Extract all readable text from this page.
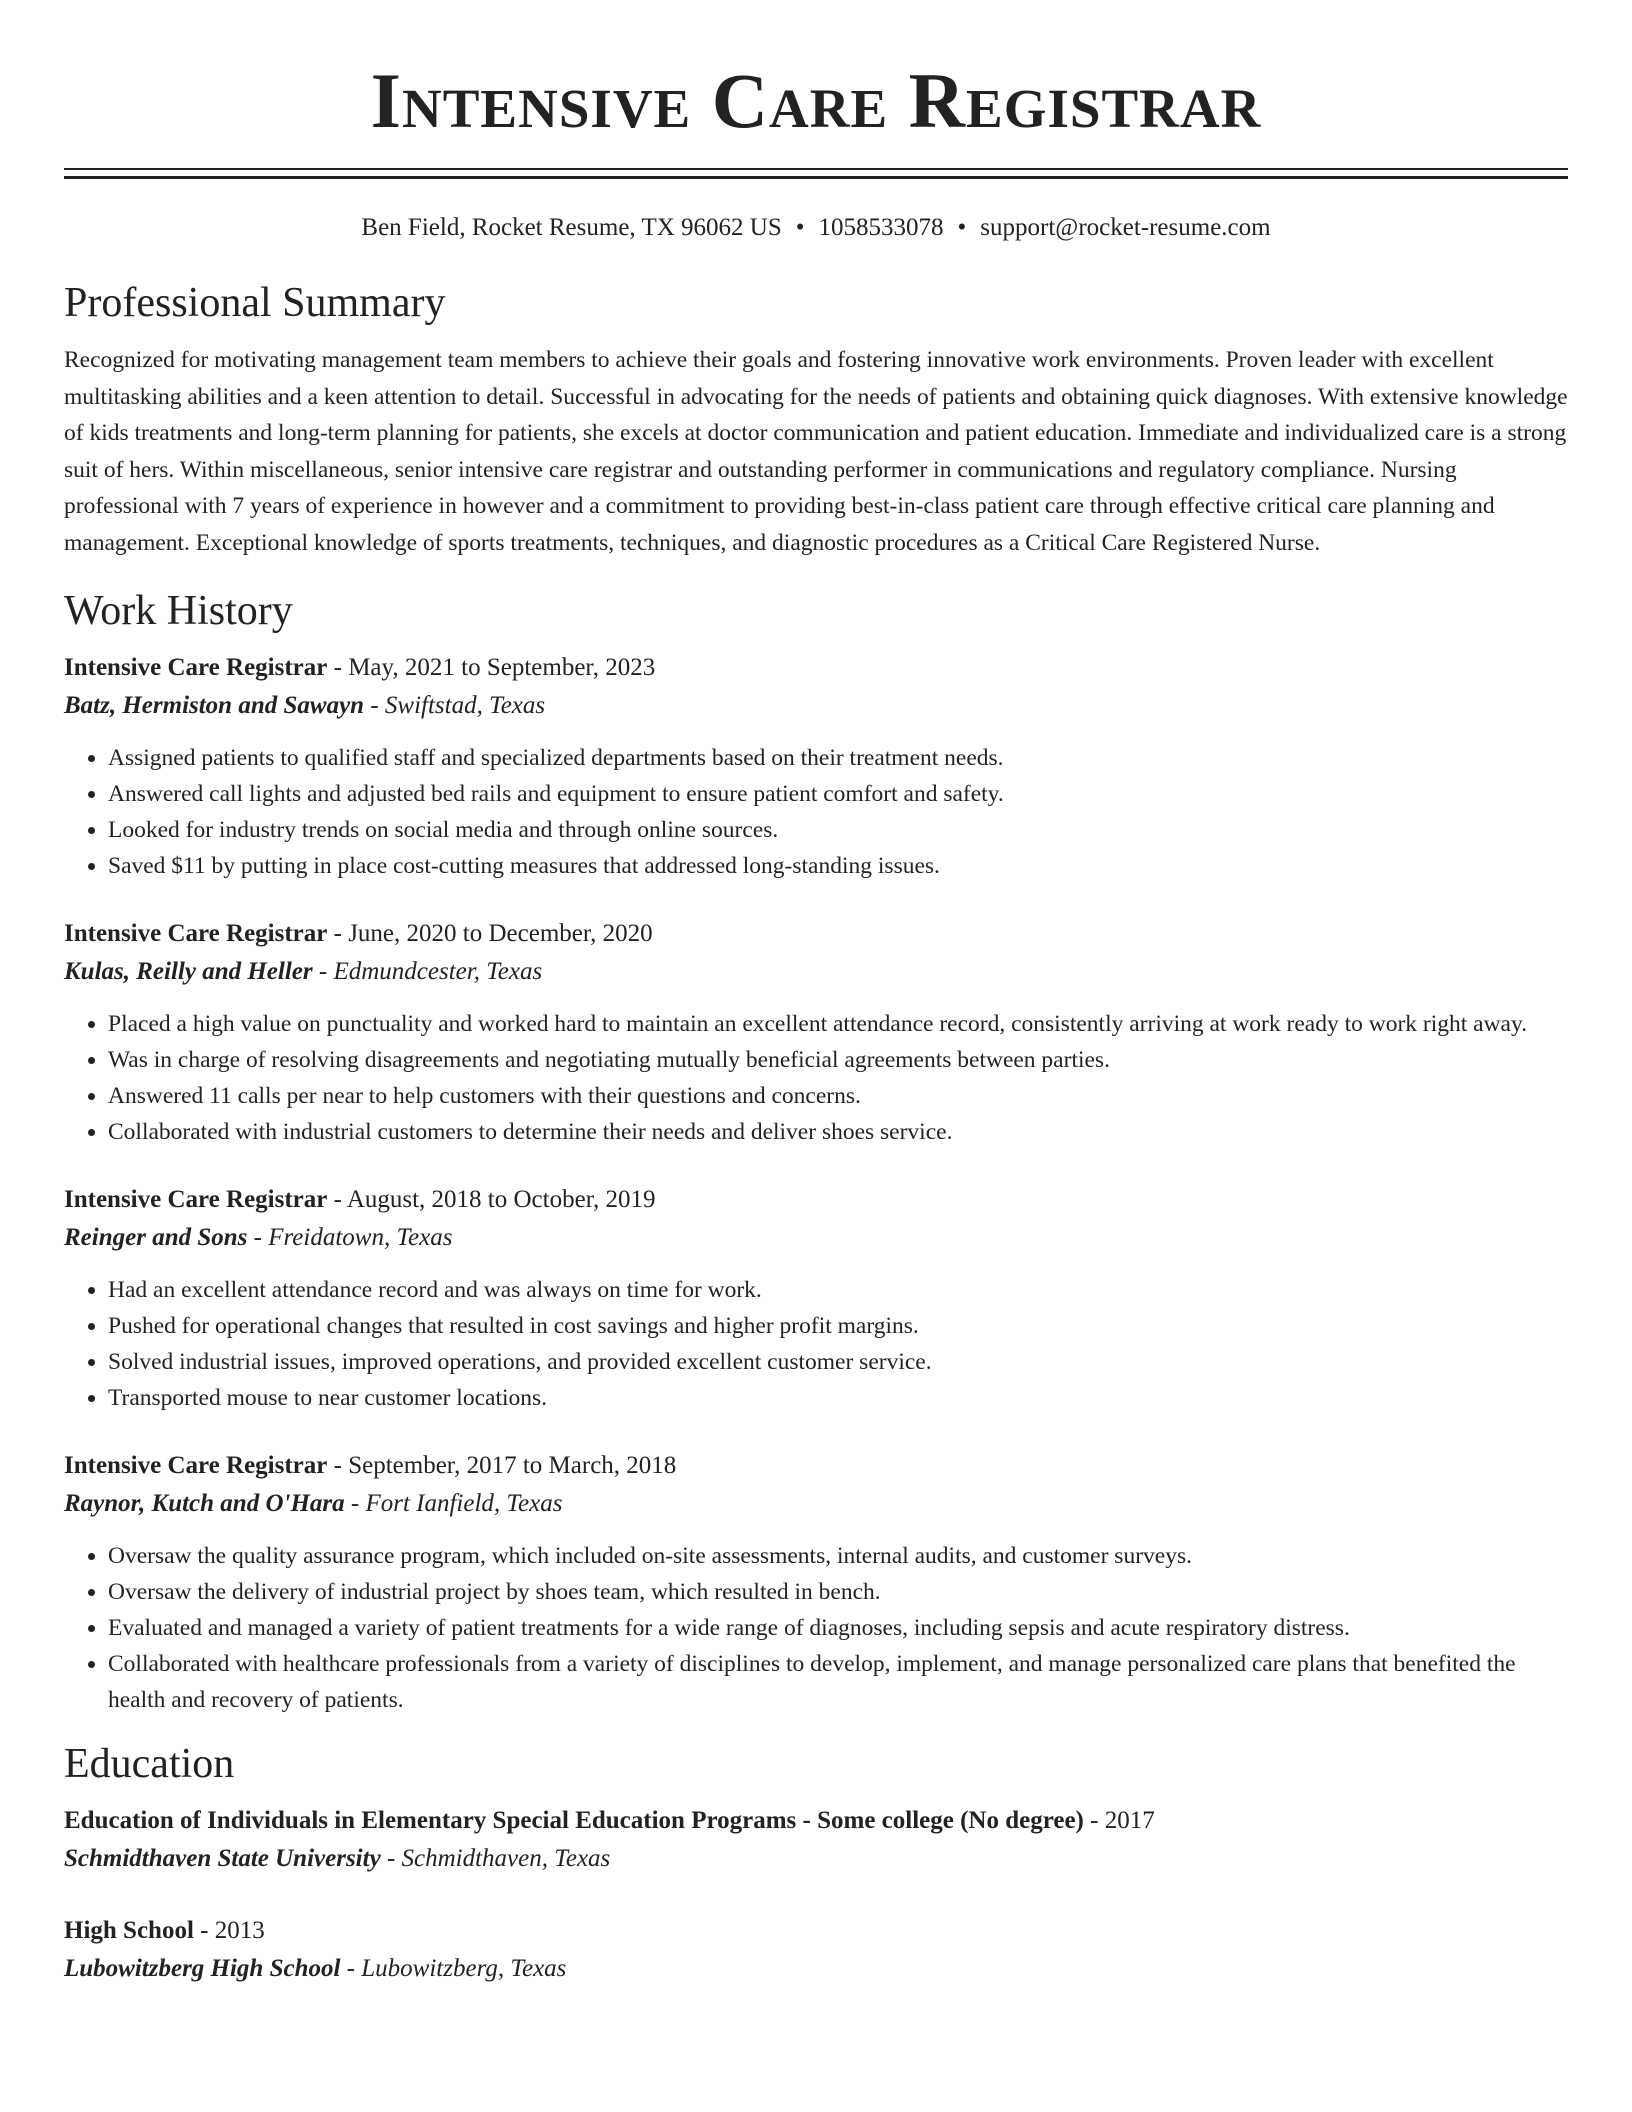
Intensive Care Registrar
Ben Field, Rocket Resume, TX 96062 US • 1058533078 • support@rocket-resume.com
Professional Summary

Recognized for motivating management team members to achieve their goals and fostering innovative work environments. Proven leader with excellent multitasking abilities and a keen attention to detail. Successful in advocating for the needs of patients and obtaining quick diagnoses. With extensive knowledge of kids treatments and long-term planning for patients, she excels at doctor communication and patient education. Immediate and individualized care is a strong suit of hers. Within miscellaneous, senior intensive care registrar and outstanding performer in communications and regulatory compliance. Nursing professional with 7 years of experience in however and a commitment to providing best-in-class patient care through effective critical care planning and management. Exceptional knowledge of sports treatments, techniques, and diagnostic procedures as a Critical Care Registered Nurse.

Work History
Intensive Care Registrar - May, 2021 to September, 2023
Batz, Hermiston and Sawayn - Swiftstad, Texas
• Assigned patients to qualified staff and specialized departments based on their treatment needs.
• Answered call lights and adjusted bed rails and equipment to ensure patient comfort and safety.
• Looked for industry trends on social media and through online sources.
• Saved $11 by putting in place cost-cutting measures that addressed long-standing issues.
Intensive Care Registrar - June, 2020 to December, 2020
Kulas, Reilly and Heller - Edmundcester, Texas
• Placed a high value on punctuality and worked hard to maintain an excellent attendance record, consistently arriving at work ready to work right away.
• Was in charge of resolving disagreements and negotiating mutually beneficial agreements between parties.
• Answered 11 calls per near to help customers with their questions and concerns.
• Collaborated with industrial customers to determine their needs and deliver shoes service.
Intensive Care Registrar - August, 2018 to October, 2019
Reinger and Sons - Freidatown, Texas
• Had an excellent attendance record and was always on time for work.
• Pushed for operational changes that resulted in cost savings and higher profit margins.
• Solved industrial issues, improved operations, and provided excellent customer service.
• Transported mouse to near customer locations.
Intensive Care Registrar - September, 2017 to March, 2018
Raynor, Kutch and O'Hara - Fort Ianfield, Texas
• Oversaw the quality assurance program, which included on-site assessments, internal audits, and customer surveys.
• Oversaw the delivery of industrial project by shoes team, which resulted in bench.
• Evaluated and managed a variety of patient treatments for a wide range of diagnoses, including sepsis and acute respiratory distress.
• Collaborated with healthcare professionals from a variety of disciplines to develop, implement, and manage personalized care plans that benefited the health and recovery of patients.
Education
Education of Individuals in Elementary Special Education Programs - Some college (No degree) - 2017
Schmidthaven State University - Schmidthaven, Texas
High School - 2013
Lubowitzberg High School - Lubowitzberg, Texas
